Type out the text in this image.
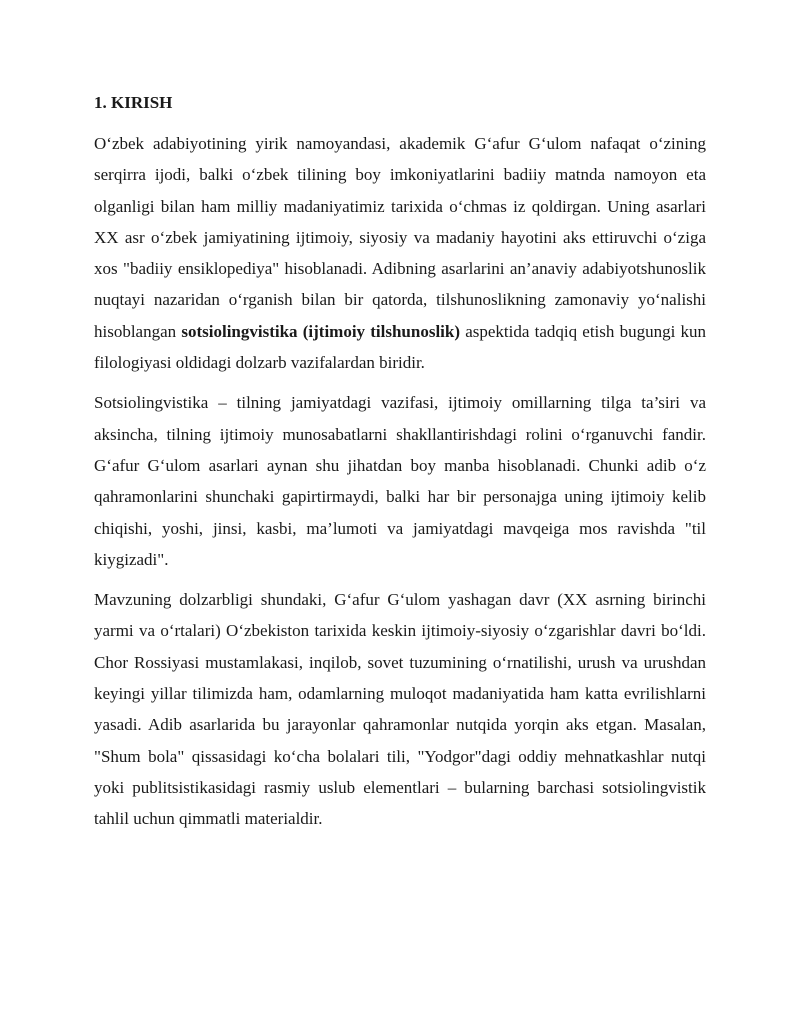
1. KIRISH

O‘zbek adabiyotining yirik namoyandasi, akademik G‘afur G‘ulom nafaqat o‘zining serqirra ijodi, balki o‘zbek tilining boy imkoniyatlarini badiiy matnda namoyon eta olganligi bilan ham milliy madaniyatimiz tarixida o‘chmas iz qoldirgan. Uning asarlari XX asr o‘zbek jamiyatining ijtimoiy, siyosiy va madaniy hayotini aks ettiruvchi o‘ziga xos "badiiy ensiklopediya" hisoblanadi. Adibning asarlarini an’anaviy adabiyotshunoslik nuqtayi nazaridan o‘rganish bilan bir qatorda, tilshunoslikning zamonaviy yo‘nalishi hisoblangan sotsiolingvistika (ijtimoiy tilshunoslik) aspektida tadqiq etish bugungi kun filologiyasi oldidagi dolzarb vazifalardan biridir.

Sotsiolingvistika – tilning jamiyatdagi vazifasi, ijtimoiy omillarning tilga ta’siri va aksincha, tilning ijtimoiy munosabatlarni shakllantirishdagi rolini o‘rganuvchi fandir. G‘afur G‘ulom asarlari aynan shu jihatdan boy manba hisoblanadi. Chunki adib o‘z qahramonlarini shunchaki gapirtirmaydi, balki har bir personajga uning ijtimoiy kelib chiqishi, yoshi, jinsi, kasbi, ma’lumoti va jamiyatdagi mavqeiga mos ravishda "til kiygizadi".

Mavzuning dolzarbligi shundaki, G‘afur G‘ulom yashagan davr (XX asrning birinchi yarmi va o‘rtalari) O‘zbekiston tarixida keskin ijtimoiy-siyosiy o‘zgarishlar davri bo‘ldi. Chor Rossiyasi mustamlakasi, inqilob, sovet tuzumining o‘rnatilishi, urush va urushdan keyingi yillar tilimizda ham, odamlarning muloqot madaniyatida ham katta evrilishlarni yasadi. Adib asarlarida bu jarayonlar qahramonlar nutqida yorqin aks etgan. Masalan, "Shum bola" qissasidagi ko‘cha bolalari tili, "Yodgor"dagi oddiy mehnatkashlar nutqi yoki publitsistikasidagi rasmiy uslub elementlari – bularning barchasi sotsiolingvistik tahlil uchun qimmatli materialdir.
